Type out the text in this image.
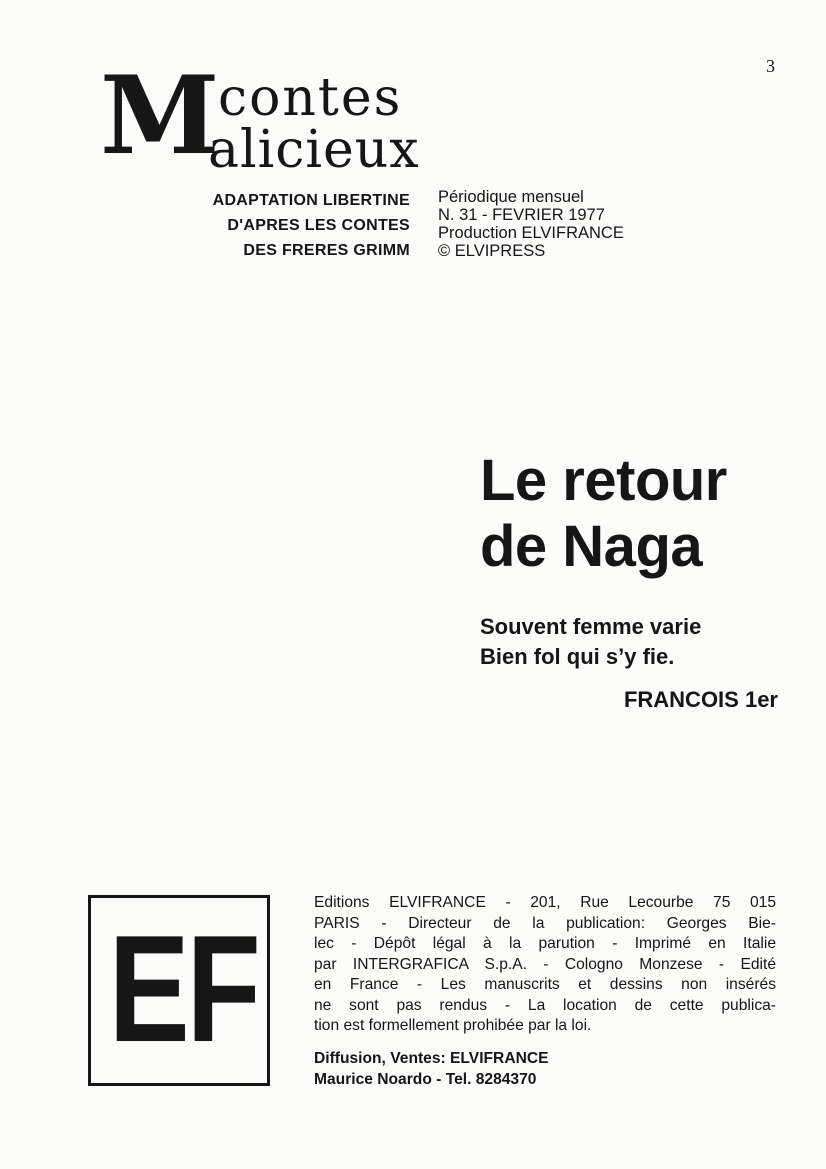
3
M contes
alicieux
ADAPTATION LIBERTINE
D'APRES LES CONTES
DES FRERES GRIMM
Périodique mensuel
N. 31 - FEVRIER 1977
Production ELVIFRANCE
© ELVIPRESS
Le retour
de Naga
Souvent femme varie
Bien fol qui s’y fie.
FRANCOIS 1er
EF
Editions ELVIFRANCE - 201, Rue Lecourbe 75 015
PARIS - Directeur de la publication: Georges Bie-
lec - Dépôt légal à la parution - Imprimé en Italie
par INTERGRAFICA S.p.A. - Cologno Monzese - Edité
en France - Les manuscrits et dessins non insérés
ne sont pas rendus - La location de cette publica-
tion est formellement prohibée par la loi.
Diffusion, Ventes: ELVIFRANCE
Maurice Noardo - Tel. 8284370
